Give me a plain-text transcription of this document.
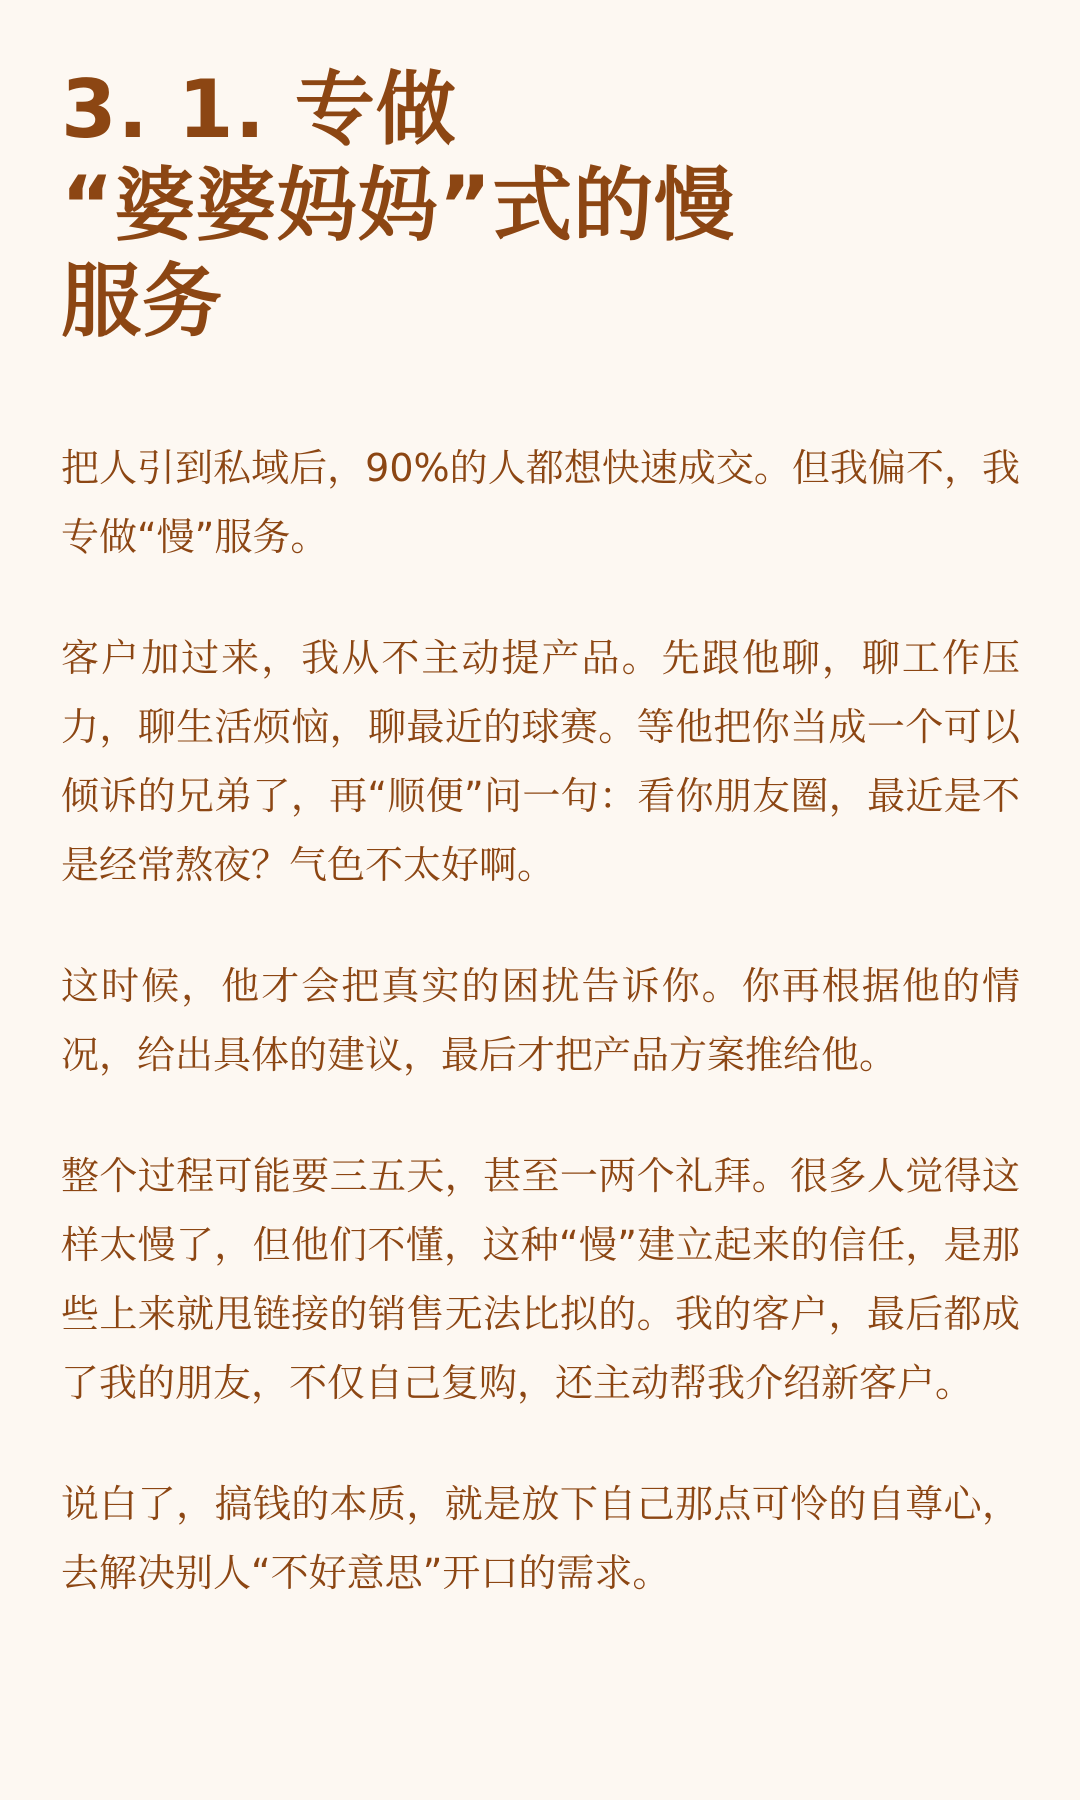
3. 1. 专做
“婆婆妈妈”式的慢
服务

把人引到私域后，90%的人都想快速成交。但我偏不，我专做“慢”服务。

客户加过来，我从不主动提产品。先跟他聊，聊工作压力，聊生活烦恼，聊最近的球赛。等他把你当成一个可以倾诉的兄弟了，再“顺便”问一句：看你朋友圈，最近是不是经常熬夜？气色不太好啊。

这时候，他才会把真实的困扰告诉你。你再根据他的情况，给出具体的建议，最后才把产品方案推给他。

整个过程可能要三五天，甚至一两个礼拜。很多人觉得这样太慢了，但他们不懂，这种“慢”建立起来的信任，是那些上来就甩链接的销售无法比拟的。我的客户，最后都成了我的朋友，不仅自己复购，还主动帮我介绍新客户。

说白了，搞钱的本质，就是放下自己那点可怜的自尊心，去解决别人“不好意思”开口的需求。
